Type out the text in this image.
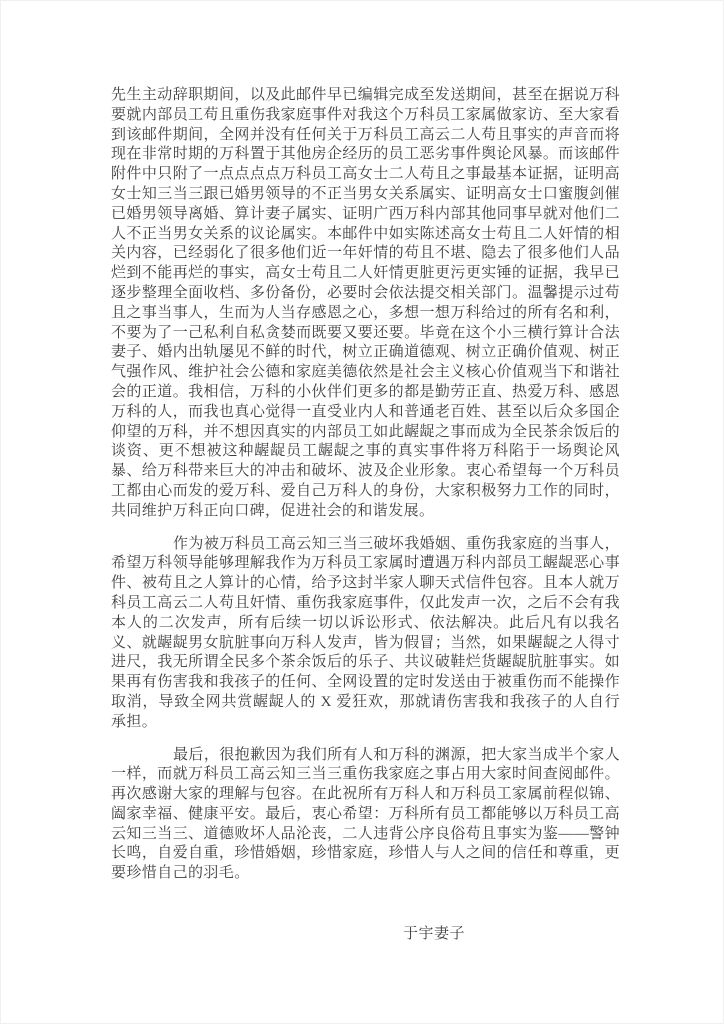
先生主动辞职期间，以及此邮件早已编辑完成至发送期间，甚至在据说万科要就内部员工苟且重伤我家庭事件对我这个万科员工家属做家访、至大家看到该邮件期间，全网并没有任何关于万科员工高云二人苟且事实的声音而将现在非常时期的万科置于其他房企经历的员工恶劣事件舆论风暴。而该邮件附件中只附了一点点点点万科员工高女士二人苟且之事最基本证据，证明高女士知三当三跟已婚男领导的不正当男女关系属实、证明高女士口蜜腹剑催已婚男领导离婚、算计妻子属实、证明广西万科内部其他同事早就对他们二人不正当男女关系的议论属实。本邮件中如实陈述高女士苟且二人奸情的相关内容，已经弱化了很多他们近一年奸情的苟且不堪、隐去了很多他们人品烂到不能再烂的事实，高女士苟且二人奸情更脏更污更实锤的证据，我早已逐步整理全面收档、多份备份，必要时会依法提交相关部门。温馨提示过苟且之事当事人，生而为人当存感恩之心，多想一想万科给过的所有名和利，不要为了一己私利自私贪婪而既要又要还要。毕竟在这个小三横行算计合法妻子、婚内出轨屡见不鲜的时代，树立正确道德观、树立正确价值观、树正气强作风、维护社会公德和家庭美德依然是社会主义核心价值观当下和谐社会的正道。我相信，万科的小伙伴们更多的都是勤劳正直、热爱万科、感恩万科的人，而我也真心觉得一直受业内人和普通老百姓、甚至以后众多国企仰望的万科，并不想因真实的内部员工如此龌龊之事而成为全民茶余饭后的谈资、更不想被这种龌龊员工龌龊之事的真实事件将万科陷于一场舆论风暴、给万科带来巨大的冲击和破坏、波及企业形象。衷心希望每一个万科员工都由心而发的爱万科、爱自己万科人的身份，大家积极努力工作的同时，共同维护万科正向口碑，促进社会的和谐发展。

作为被万科员工高云知三当三破坏我婚姻、重伤我家庭的当事人，希望万科领导能够理解我作为万科员工家属时遭遇万科内部员工龌龊恶心事件、被苟且之人算计的心情，给予这封半家人聊天式信件包容。且本人就万科员工高云二人苟且奸情、重伤我家庭事件，仅此发声一次，之后不会有我本人的二次发声，所有后续一切以诉讼形式、依法解决。此后凡有以我名义、就龌龊男女肮脏事向万科人发声，皆为假冒；当然，如果龌龊之人得寸进尺，我无所谓全民多个茶余饭后的乐子、共议破鞋烂货龌龊肮脏事实。如果再有伤害我和我孩子的任何、全网设置的定时发送由于被重伤而不能操作取消，导致全网共赏龌龊人的 X 爱狂欢，那就请伤害我和我孩子的人自行承担。

最后，很抱歉因为我们所有人和万科的渊源，把大家当成半个家人一样，而就万科员工高云知三当三重伤我家庭之事占用大家时间查阅邮件。再次感谢大家的理解与包容。在此祝所有万科人和万科员工家属前程似锦、阖家幸福、健康平安。最后，衷心希望：万科所有员工都能够以万科员工高云知三当三、道德败坏人品沦丧，二人违背公序良俗苟且事实为鉴——警钟长鸣，自爱自重，珍惜婚姻，珍惜家庭，珍惜人与人之间的信任和尊重，更要珍惜自己的羽毛。

于宇妻子
